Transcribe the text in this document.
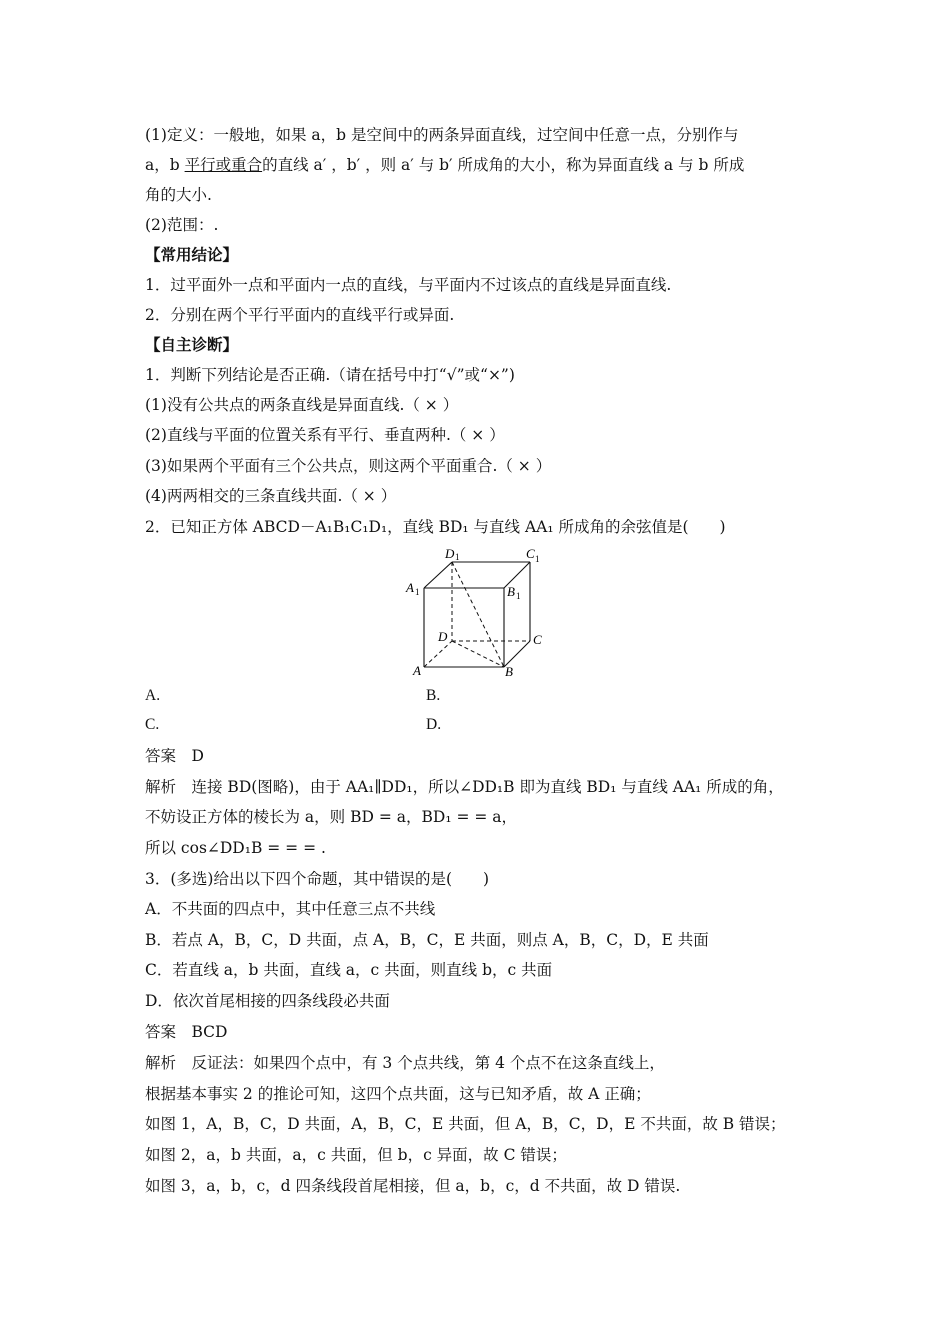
(1)定义：一般地，如果 a，b 是空间中的两条异面直线，过空间中任意一点，分别作与
a，b 平行或重合的直线 a′ ，b′ ，则 a′ 与 b′ 所成角的大小，称为异面直线 a 与 b 所成
角的大小.
(2)范围：.
【常用结论】
1．过平面外一点和平面内一点的直线，与平面内不过该点的直线是异面直线.
2．分别在两个平行平面内的直线平行或异面.
【自主诊断】
1．判断下列结论是否正确.（请在括号中打“√”或“×”)
(1)没有公共点的两条直线是异面直线.（ × ）
(2)直线与平面的位置关系有平行、垂直两种.（ × ）
(3)如果两个平面有三个公共点，则这两个平面重合.（ × ）
(4)两两相交的三条直线共面.（ × ）
2．已知正方体 ABCD－A₁B₁C₁D₁，直线 BD₁ 与直线 AA₁ 所成角的余弦值是(　　)
D 1	C 1
A 1	B 1
D	C
A	B
A.	B.
C.	D.
答案　D
解析　连接 BD(图略)，由于 AA₁∥DD₁，所以∠DD₁B 即为直线 BD₁ 与直线 AA₁ 所成的角，
不妨设正方体的棱长为 a，则 BD = a，BD₁ = = a，
所以 cos∠DD₁B = = = .
3．(多选)给出以下四个命题，其中错误的是(　　)
A．不共面的四点中，其中任意三点不共线
B．若点 A，B，C，D 共面，点 A，B，C，E 共面，则点 A，B，C，D，E 共面
C．若直线 a，b 共面，直线 a，c 共面，则直线 b，c 共面
D．依次首尾相接的四条线段必共面
答案　BCD
解析　反证法：如果四个点中，有 3 个点共线，第 4 个点不在这条直线上，
根据基本事实 2 的推论可知，这四个点共面，这与已知矛盾，故 A 正确；
如图 1，A，B，C，D 共面，A，B，C，E 共面，但 A，B，C，D，E 不共面，故 B 错误；
如图 2，a，b 共面，a，c 共面，但 b，c 异面，故 C 错误；
如图 3，a，b，c，d 四条线段首尾相接，但 a，b，c，d 不共面，故 D 错误.
